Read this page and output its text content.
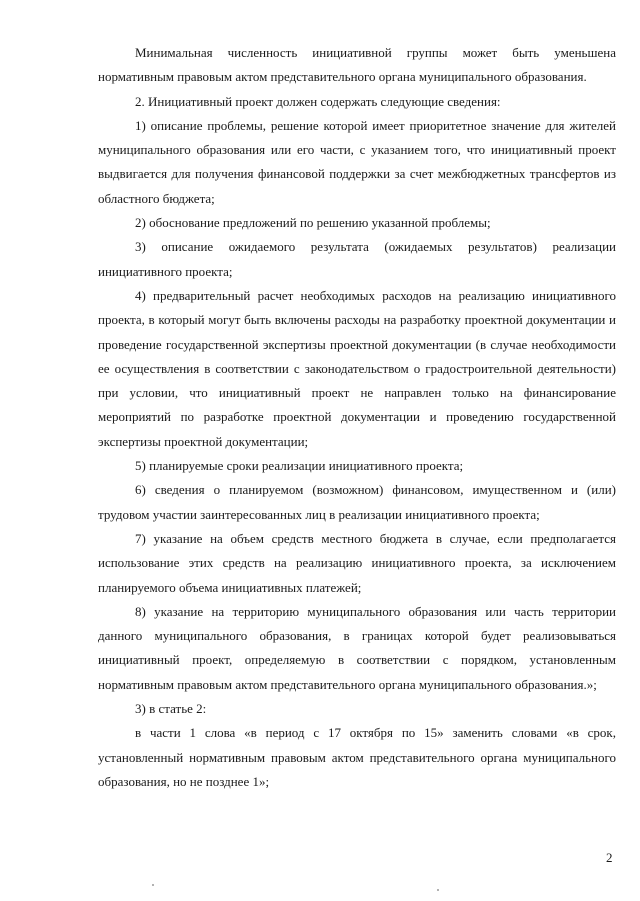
Минимальная численность инициативной группы может быть уменьшена нормативным правовым актом представительного органа муниципального образования.

2. Инициативный проект должен содержать следующие сведения:

1) описание проблемы, решение которой имеет приоритетное значение для жителей муниципального образования или его части, с указанием того, что инициативный проект выдвигается для получения финансовой поддержки за счет межбюджетных трансфертов из областного бюджета;

2) обоснование предложений по решению указанной проблемы;

3) описание ожидаемого результата (ожидаемых результатов) реализации инициативного проекта;

4) предварительный расчет необходимых расходов на реализацию инициативного проекта, в который могут быть включены расходы на разработку проектной документации и проведение государственной экспертизы проектной документации (в случае необходимости ее осуществления в соответствии с законодательством о градостроительной деятельности) при условии, что инициативный проект не направлен только на финансирование мероприятий по разработке проектной документации и проведению государственной экспертизы проектной документации;

5) планируемые сроки реализации инициативного проекта;

6) сведения о планируемом (возможном) финансовом, имущественном и (или) трудовом участии заинтересованных лиц в реализации инициативного проекта;

7) указание на объем средств местного бюджета в случае, если предполагается использование этих средств на реализацию инициативного проекта, за исключением планируемого объема инициативных платежей;

8) указание на территорию муниципального образования или часть территории данного муниципального образования, в границах которой будет реализовываться инициативный проект, определяемую в соответствии с порядком, установленным нормативным правовым актом представительного органа муниципального образования.»;

3) в статье 2:

в части 1 слова «в период с 17 октября по 15» заменить словами «в срок, установленный нормативным правовым актом представительного органа муниципального образования, но не позднее 1»;

2
